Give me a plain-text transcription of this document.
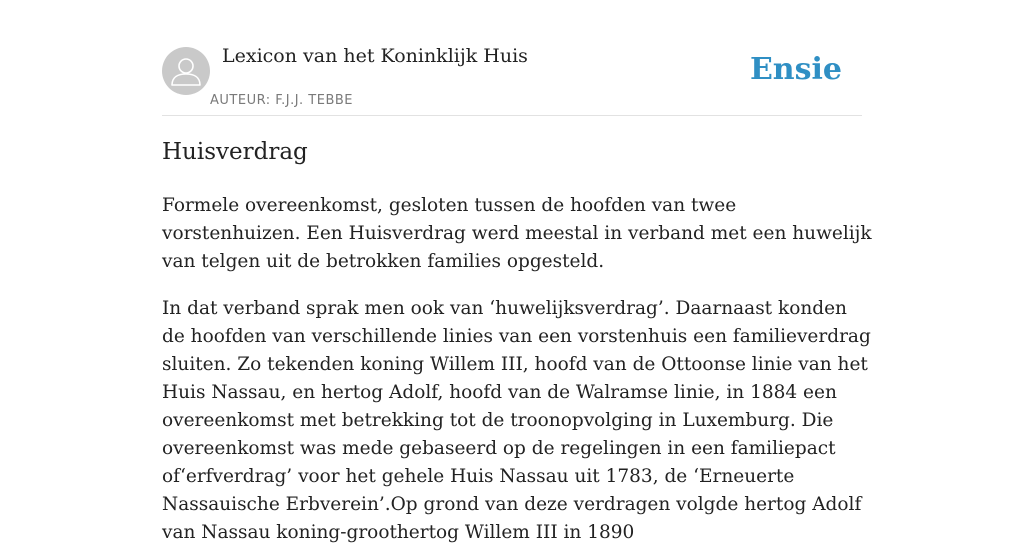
Lexicon van het Koninklijk Huis
AUTEUR: F.J.J. TEBBE
Ensie
Huisverdrag

Formele overeenkomst, gesloten tussen de hoofden van twee vorstenhuizen. Een Huisverdrag werd meestal in verband met een huwelijk van telgen uit de betrokken families opgesteld.

In dat verband sprak men ook van ‘huwelijksverdrag’. Daarnaast konden de hoofden van verschillende linies van een vorstenhuis een familieverdrag sluiten. Zo tekenden koning Willem III, hoofd van de Ottoonse linie van het Huis Nassau, en hertog Adolf, hoofd van de Walramse linie, in 1884 een overeenkomst met betrekking tot de troonopvolging in Luxemburg. Die overeenkomst was mede gebaseerd op de regelingen in een familiepact of‘erfverdrag’ voor het gehele Huis Nassau uit 1783, de ‘Erneuerte Nassauische Erbverein’.Op grond van deze verdragen volgde hertog Adolf van Nassau koning-groothertog Willem III in 1890
